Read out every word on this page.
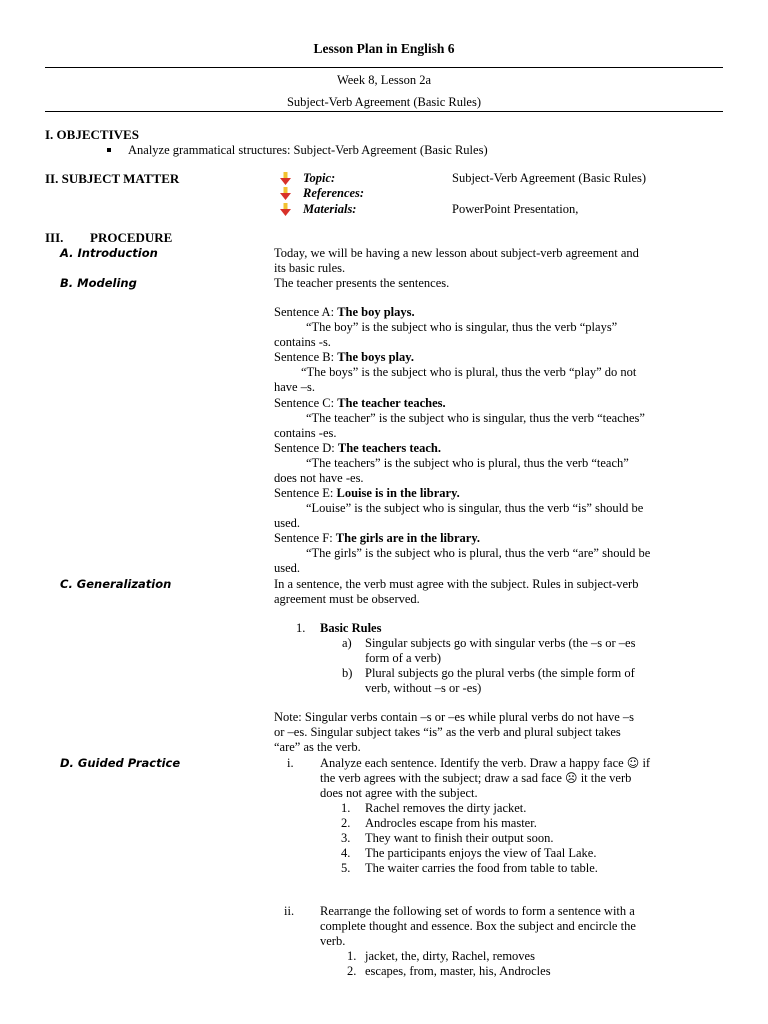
Lesson Plan in English 6
Week 8, Lesson 2a
Subject-Verb Agreement (Basic Rules)
I. OBJECTIVES
Analyze grammatical structures: Subject-Verb Agreement (Basic Rules)
II. SUBJECT MATTER	Topic:	Subject-Verb Agreement (Basic Rules)
References:
Materials:	PowerPoint Presentation,
III. PROCEDURE
A. Introduction	Today, we will be having a new lesson about subject-verb agreement and
its basic rules.
B. Modeling	The teacher presents the sentences.
Sentence A: The boy plays.
“The boy” is the subject who is singular, thus the verb “plays”
contains -s.
Sentence B: The boys play.
“The boys” is the subject who is plural, thus the verb “play” do not
have –s.
Sentence C: The teacher teaches.
“The teacher” is the subject who is singular, thus the verb “teaches”
contains -es.
Sentence D: The teachers teach.
“The teachers” is the subject who is plural, thus the verb “teach”
does not have -es.
Sentence E: Louise is in the library.
“Louise” is the subject who is singular, thus the verb “is” should be
used.
Sentence F: The girls are in the library.
“The girls” is the subject who is plural, thus the verb “are” should be
used.
C. Generalization	In a sentence, the verb must agree with the subject. Rules in subject-verb
agreement must be observed.
1. Basic Rules
a) Singular subjects go with singular verbs (the –s or –es
form of a verb)
b) Plural subjects go the plural verbs (the simple form of
verb, without –s or -es)
Note: Singular verbs contain –s or –es while plural verbs do not have –s
or –es. Singular subject takes “is” as the verb and plural subject takes
“are” as the verb.
D. Guided Practice	i. Analyze each sentence. Identify the verb. Draw a happy face ☺ if
the verb agrees with the subject; draw a sad face ☹ it the verb
does not agree with the subject.
1. Rachel removes the dirty jacket.
2. Androcles escape from his master.
3. They want to finish their output soon.
4. The participants enjoys the view of Taal Lake.
5. The waiter carries the food from table to table.
ii. Rearrange the following set of words to form a sentence with a
complete thought and essence. Box the subject and encircle the
verb.
1. jacket, the, dirty, Rachel, removes
2. escapes, from, master, his, Androcles
